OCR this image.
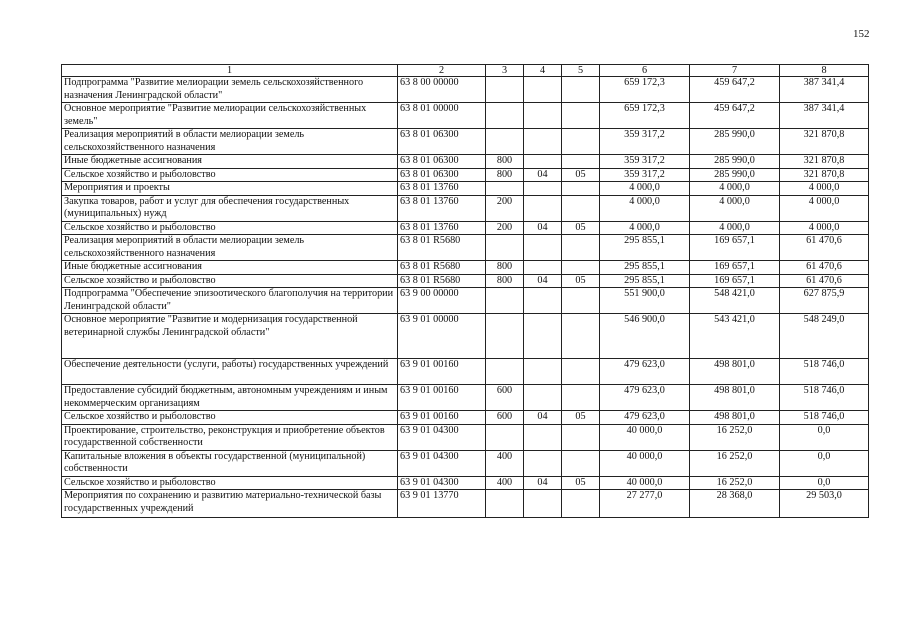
152
1	2	3	4	5	6	7	8
Подпрограмма "Развитие мелиорации земель сельскохозяйственного назначения Ленинградской области"	63 8 00 00000				659 172,3	459 647,2	387 341,4
Основное мероприятие "Развитие мелиорации сельскохозяйственных земель"	63 8 01 00000				659 172,3	459 647,2	387 341,4
Реализация мероприятий в области мелиорации земель сельскохозяйственного назначения	63 8 01 06300				359 317,2	285 990,0	321 870,8
Иные бюджетные ассигнования	63 8 01 06300	800			359 317,2	285 990,0	321 870,8
Сельское хозяйство и рыболовство	63 8 01 06300	800	04	05	359 317,2	285 990,0	321 870,8
Мероприятия и проекты	63 8 01 13760				4 000,0	4 000,0	4 000,0
Закупка товаров, работ и услуг для обеспечения государственных (муниципальных) нужд	63 8 01 13760	200			4 000,0	4 000,0	4 000,0
Сельское хозяйство и рыболовство	63 8 01 13760	200	04	05	4 000,0	4 000,0	4 000,0
Реализация мероприятий в области мелиорации земель сельскохозяйственного назначения	63 8 01 R5680				295 855,1	169 657,1	61 470,6
Иные бюджетные ассигнования	63 8 01 R5680	800			295 855,1	169 657,1	61 470,6
Сельское хозяйство и рыболовство	63 8 01 R5680	800	04	05	295 855,1	169 657,1	61 470,6
Подпрограмма "Обеспечение эпизоотического благополучия на территории Ленинградской области"	63 9 00 00000				551 900,0	548 421,0	627 875,9
Основное мероприятие "Развитие и модернизация государственной ветеринарной службы Ленинградской области"	63 9 01 00000				546 900,0	543 421,0	548 249,0
Обеспечение деятельности (услуги, работы) государственных учреждений	63 9 01 00160				479 623,0	498 801,0	518 746,0
Предоставление субсидий бюджетным, автономным учреждениям и иным некоммерческим организациям	63 9 01 00160	600			479 623,0	498 801,0	518 746,0
Сельское хозяйство и рыболовство	63 9 01 00160	600	04	05	479 623,0	498 801,0	518 746,0
Проектирование, строительство, реконструкция и приобретение объектов государственной собственности	63 9 01 04300				40 000,0	16 252,0	0,0
Капитальные вложения в объекты государственной (муниципальной) собственности	63 9 01 04300	400			40 000,0	16 252,0	0,0
Сельское хозяйство и рыболовство	63 9 01 04300	400	04	05	40 000,0	16 252,0	0,0
Мероприятия по сохранению и развитию материально-технической базы государственных учреждений	63 9 01 13770				27 277,0	28 368,0	29 503,0
